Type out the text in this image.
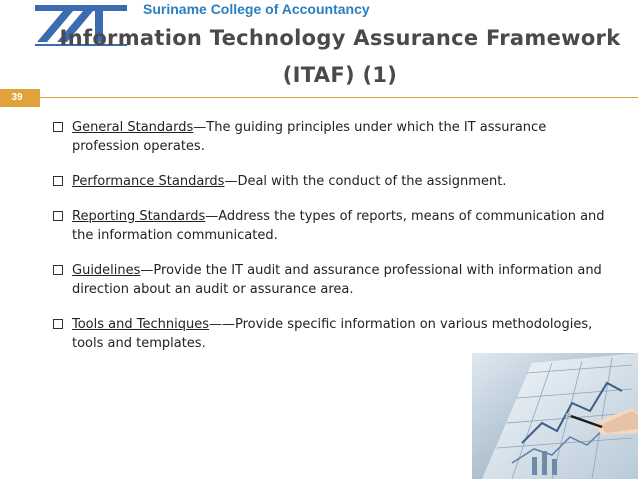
Suriname College of Accountancy
Information Technology Assurance Framework
(ITAF) (1)
39
General Standards—The guiding principles under which the IT assurance profession operates.
Performance Standards—Deal with the conduct of the assignment.
Reporting Standards—Address the types of reports, means of communication and the information communicated.
Guidelines—Provide the IT audit and assurance professional with information and direction about an audit or assurance area.
Tools and Techniques——Provide specific information on various methodologies, tools and templates.
